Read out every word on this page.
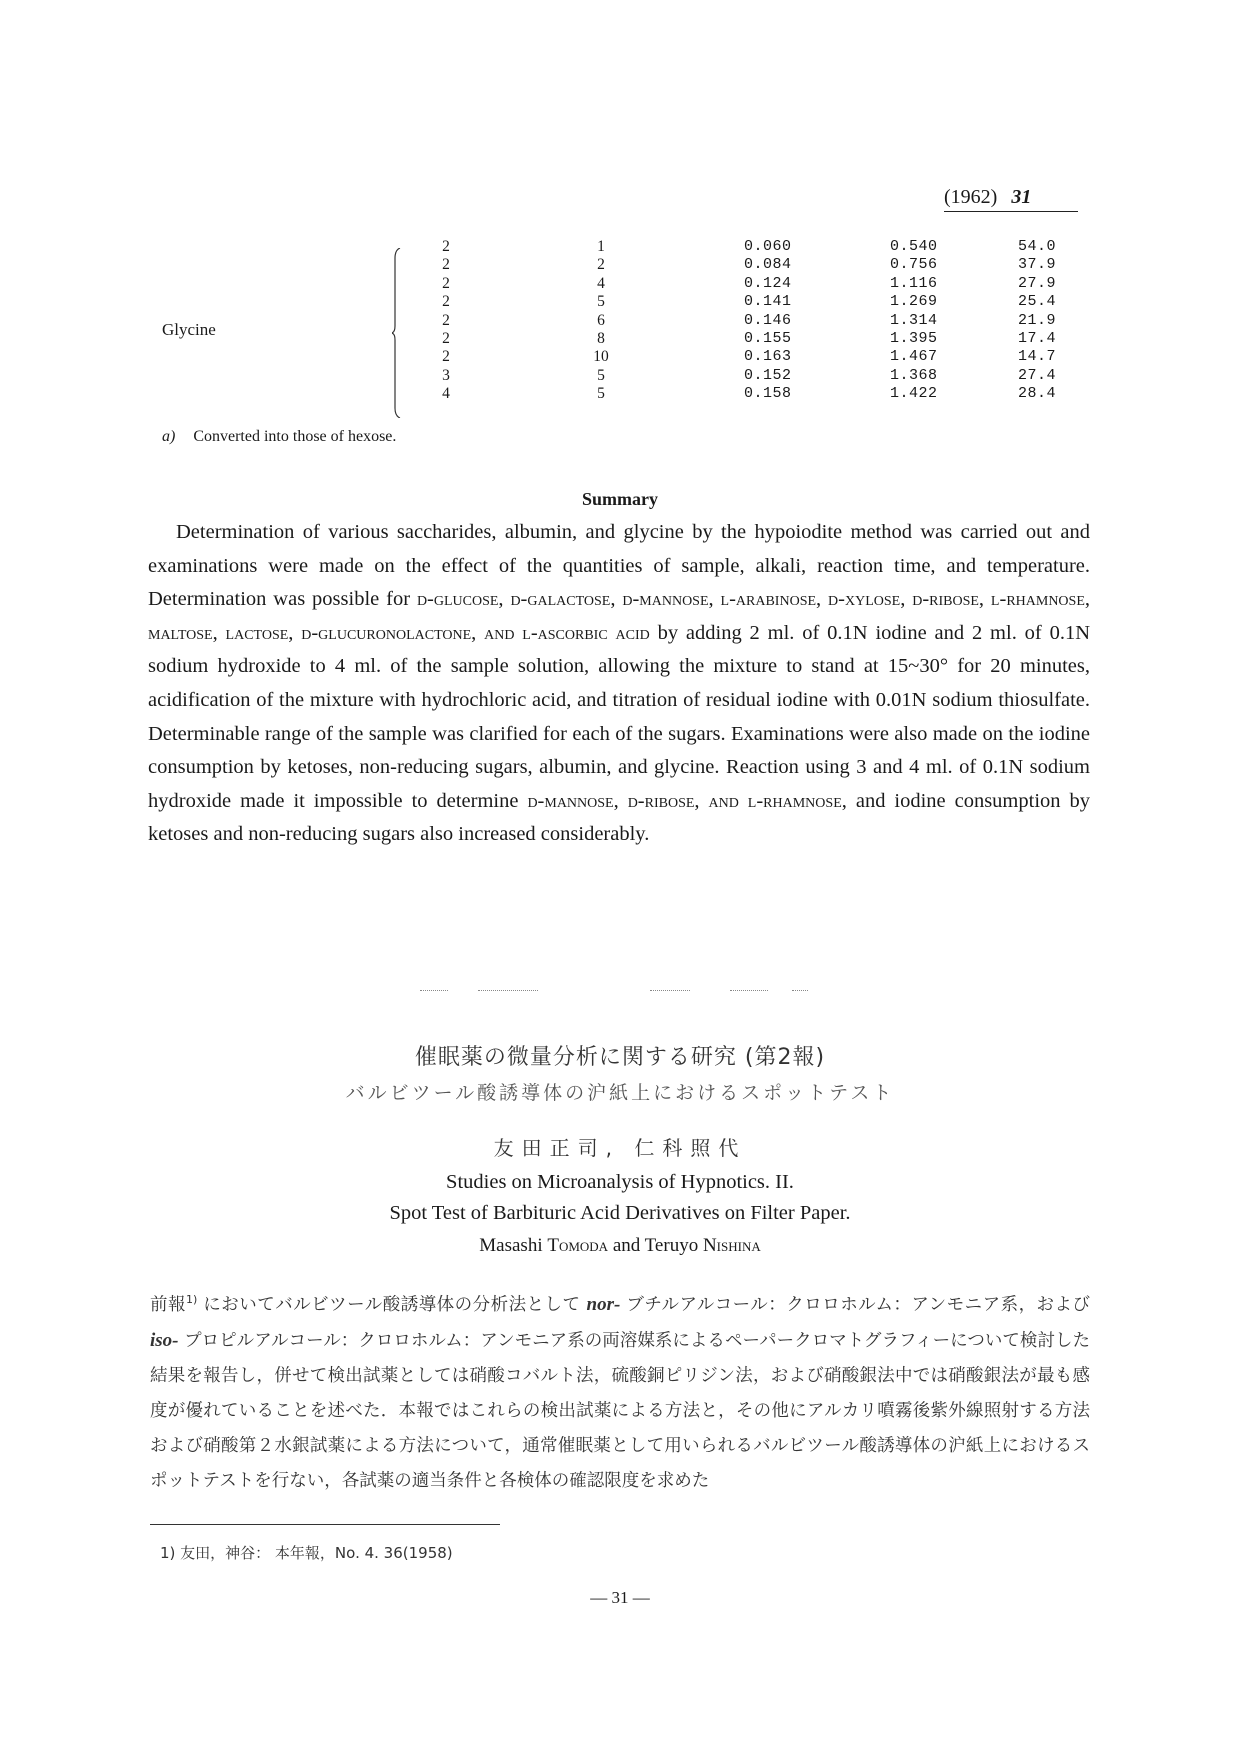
(1962) 31
Glycine
2
2
2
2
2
2
2
3
4
1
2
4
5
6
8
10
5
5
0.060
0.084
0.124
0.141
0.146
0.155
0.163
0.152
0.158
0.540
0.756
1.116
1.269
1.314
1.395
1.467
1.368
1.422
54.0
37.9
27.9
25.4
21.9
17.4
14.7
27.4
28.4
a) Converted into those of hexose.
Summary
Determination of various saccharides, albumin, and glycine by the hypoiodite method was carried out and examinations were made on the effect of the quantities of sample, alkali, reaction time, and temperature. Determination was possible for d-glucose, d-galactose, d-mannose, l-arabinose, d-xylose, d-ribose, l-rhamnose, maltose, lactose, d-glucuronolactone, and l-ascorbic acid by adding 2 ml. of 0.1N iodine and 2 ml. of 0.1N sodium hydroxide to 4 ml. of the sample solution, allowing the mixture to stand at 15~30° for 20 minutes, acidification of the mixture with hydrochloric acid, and titration of residual iodine with 0.01N sodium thiosulfate. Determinable range of the sample was clarified for each of the sugars. Examinations were also made on the iodine consumption by ketoses, non-reducing sugars, albumin, and glycine. Reaction using 3 and 4 ml. of 0.1N sodium hydroxide made it impossible to determine d-mannose, d-ribose, and l-rhamnose, and iodine consumption by ketoses and non-reducing sugars also increased considerably.
催眠薬の微量分析に関する研究 (第2報)
バルビツール酸誘導体の沪紙上におけるスポットテスト
友田正司, 仁科照代
Studies on Microanalysis of Hypnotics. II.
Spot Test of Barbituric Acid Derivatives on Filter Paper.
Masashi Tomoda and Teruyo Nishina
前報$^{1)}$ においてバルビツール酸誘導体の分析法として nor- ブチルアルコール：クロロホルム：アンモニア系，および iso- プロピルアルコール：クロロホルム：アンモニア系の両溶媒系によるペーパークロマトグラフィーについて検討した結果を報告し，併せて検出試薬としては硝酸コバルト法，硫酸銅ピリジン法，および硝酸銀法中では硝酸銀法が最も感度が優れていることを述べた．本報ではこれらの検出試薬による方法と，その他にアルカリ噴霧後紫外線照射する方法および硝酸第２水銀試薬による方法について，通常催眠薬として用いられるバルビツール酸誘導体の沪紙上におけるスポットテストを行ない，各試薬の適当条件と各検体の確認限度を求めた
1) 友田，神谷： 本年報，No. 4. 36(1958)
— 31 —
